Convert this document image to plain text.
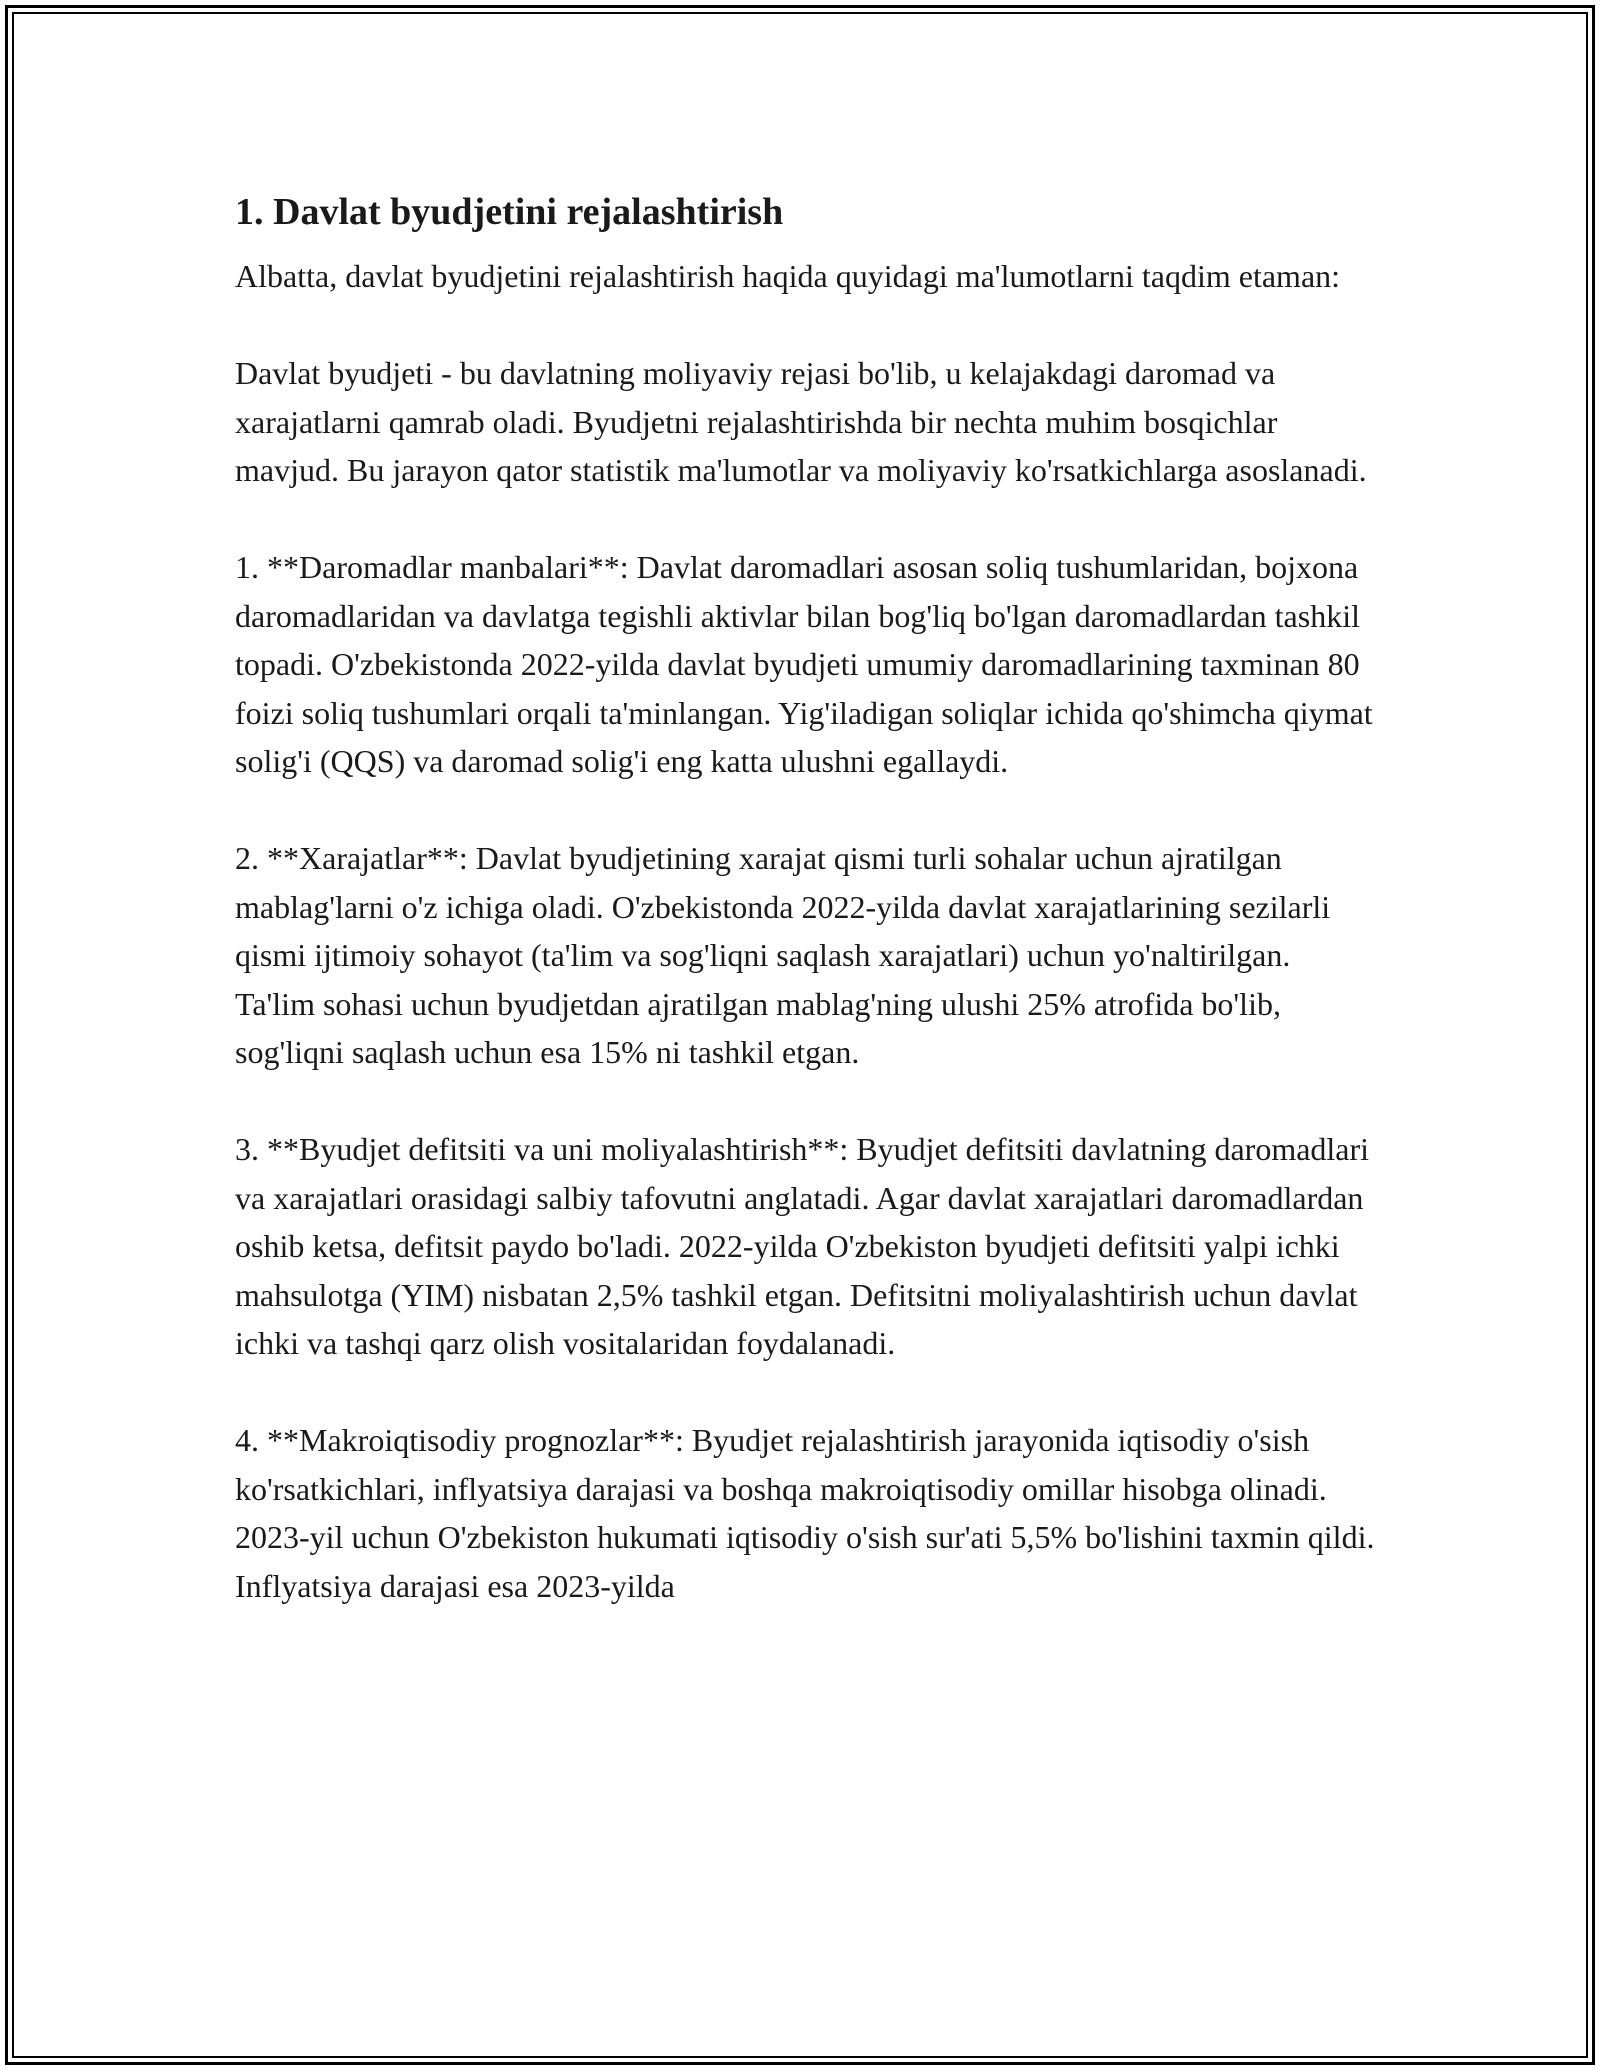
1. Davlat byudjetini rejalashtirish

Albatta, davlat byudjetini rejalashtirish haqida quyidagi ma'lumotlarni taqdim etaman:

Davlat byudjeti - bu davlatning moliyaviy rejasi bo'lib, u kelajakdagi daromad va xarajatlarni qamrab oladi. Byudjetni rejalashtirishda bir nechta muhim bosqichlar mavjud. Bu jarayon qator statistik ma'lumotlar va moliyaviy ko'rsatkichlarga asoslanadi.

1. **Daromadlar manbalari**: Davlat daromadlari asosan soliq tushumlaridan, bojxona daromadlaridan va davlatga tegishli aktivlar bilan bog'liq bo'lgan daromadlardan tashkil topadi. O'zbekistonda 2022-yilda davlat byudjeti umumiy daromadlarining taxminan 80 foizi soliq tushumlari orqali ta'minlangan. Yig'iladigan soliqlar ichida qo'shimcha qiymat solig'i (QQS) va daromad solig'i eng katta ulushni egallaydi.

2. **Xarajatlar**: Davlat byudjetining xarajat qismi turli sohalar uchun ajratilgan mablag'larni o'z ichiga oladi. O'zbekistonda 2022-yilda davlat xarajatlarining sezilarli qismi ijtimoiy sohayot (ta'lim va sog'liqni saqlash xarajatlari) uchun yo'naltirilgan. Ta'lim sohasi uchun byudjetdan ajratilgan mablag'ning ulushi 25% atrofida bo'lib, sog'liqni saqlash uchun esa 15% ni tashkil etgan.

3. **Byudjet defitsiti va uni moliyalashtirish**: Byudjet defitsiti davlatning daromadlari va xarajatlari orasidagi salbiy tafovutni anglatadi. Agar davlat xarajatlari daromadlardan oshib ketsa, defitsit paydo bo'ladi. 2022-yilda O'zbekiston byudjeti defitsiti yalpi ichki mahsulotga (YIM) nisbatan 2,5% tashkil etgan. Defitsitni moliyalashtirish uchun davlat ichki va tashqi qarz olish vositalaridan foydalanadi.

4. **Makroiqtisodiy prognozlar**: Byudjet rejalashtirish jarayonida iqtisodiy o'sish ko'rsatkichlari, inflyatsiya darajasi va boshqa makroiqtisodiy omillar hisobga olinadi. 2023-yil uchun O'zbekiston hukumati iqtisodiy o'sish sur'ati 5,5% bo'lishini taxmin qildi. Inflyatsiya darajasi esa 2023-yilda
